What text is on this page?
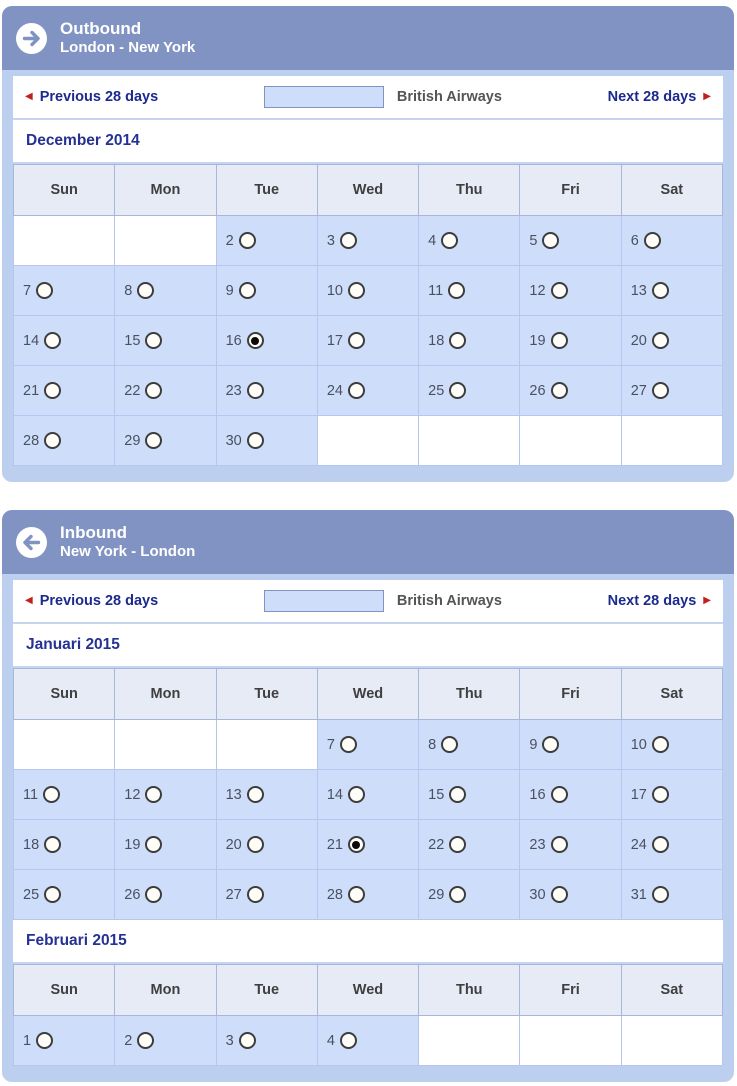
Outbound
London - New York
◀ Previous 28 days	British Airways	Next 28 days ▶
December 2014
Sun	Mon	Tue	Wed	Thu	Fri	Sat

		2	3	4	5	6

7	8	9	10	11	12	13

14	15	16	17	18	19	20

21	22	23	24	25	26	27

28	29	30				

Inbound
New York - London
◀ Previous 28 days	British Airways	Next 28 days ▶
Januari 2015
Sun	Mon	Tue	Wed	Thu	Fri	Sat

			7	8	9	10

11	12	13	14	15	16	17

18	19	20	21	22	23	24

25	26	27	28	29	30	31
Februari 2015
Sun	Mon	Tue	Wed	Thu	Fri	Sat

1	2	3	4			
